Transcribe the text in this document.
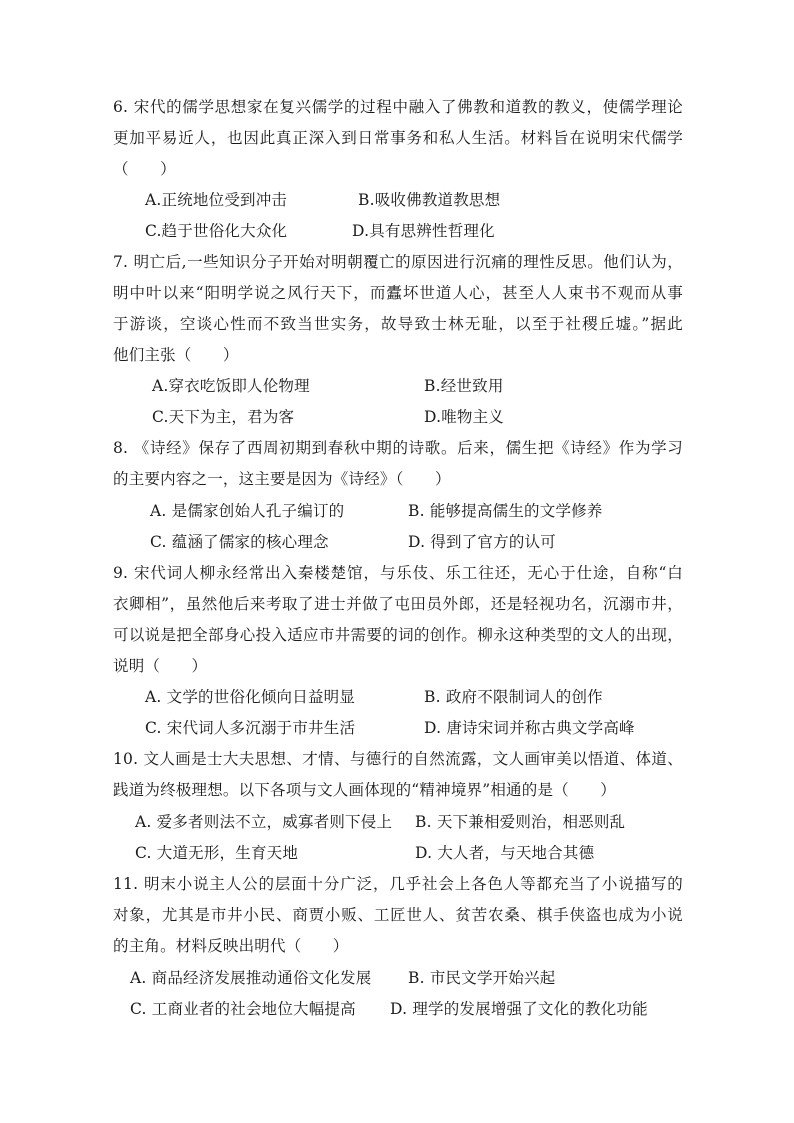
6. 宋代的儒学思想家在复兴儒学的过程中融入了佛教和道教的教义，使儒学理论
更加平易近人，也因此真正深入到日常事务和私人生活。材料旨在说明宋代儒学
（　　）
A.正统地位受到冲击	B.吸收佛教道教思想
C.趋于世俗化大众化	D.具有思辨性哲理化
7. 明亡后,一些知识分子开始对明朝覆亡的原因进行沉痛的理性反思。他们认为，
明中叶以来“阳明学说之风行天下，而蠹坏世道人心，甚至人人束书不观而从事
于游谈，空谈心性而不致当世实务，故导致士林无耻，以至于社稷丘墟。”据此
他们主张（　　）
A.穿衣吃饭即人伦物理	B.经世致用
C.天下为主，君为客	D.唯物主义
8. 《诗经》保存了西周初期到春秋中期的诗歌。后来，儒生把《诗经》作为学习
的主要内容之一，这主要是因为《诗经》（　　）
A. 是儒家创始人孔子编订的	B. 能够提高儒生的文学修养
C. 蕴涵了儒家的核心理念	D. 得到了官方的认可
9. 宋代词人柳永经常出入秦楼楚馆，与乐伎、乐工往还，无心于仕途，自称“白
衣卿相”，虽然他后来考取了进士并做了屯田员外郎，还是轻视功名，沉溺市井，
可以说是把全部身心投入适应市井需要的词的创作。柳永这种类型的文人的出现，
说明（　　）
A. 文学的世俗化倾向日益明显	B. 政府不限制词人的创作
C. 宋代词人多沉溺于市井生活	D. 唐诗宋词并称古典文学高峰
10. 文人画是士大夫思想、才情、与德行的自然流露，文人画审美以悟道、体道、
践道为终极理想。以下各项与文人画体现的“精神境界”相通的是（　　）
A. 爱多者则法不立，威寡者则下侵上 B. 天下兼相爱则治，相恶则乱
C. 大道无形，生育天地	D. 大人者，与天地合其德
11. 明末小说主人公的层面十分广泛，几乎社会上各色人等都充当了小说描写的
对象，尤其是市井小民、商贾小贩、工匠世人、贫苦农桑、棋手侠盗也成为小说
的主角。材料反映出明代（　　）
A. 商品经济发展推动通俗文化发展 B. 市民文学开始兴起
C. 工商业者的社会地位大幅提高 D. 理学的发展增强了文化的教化功能
